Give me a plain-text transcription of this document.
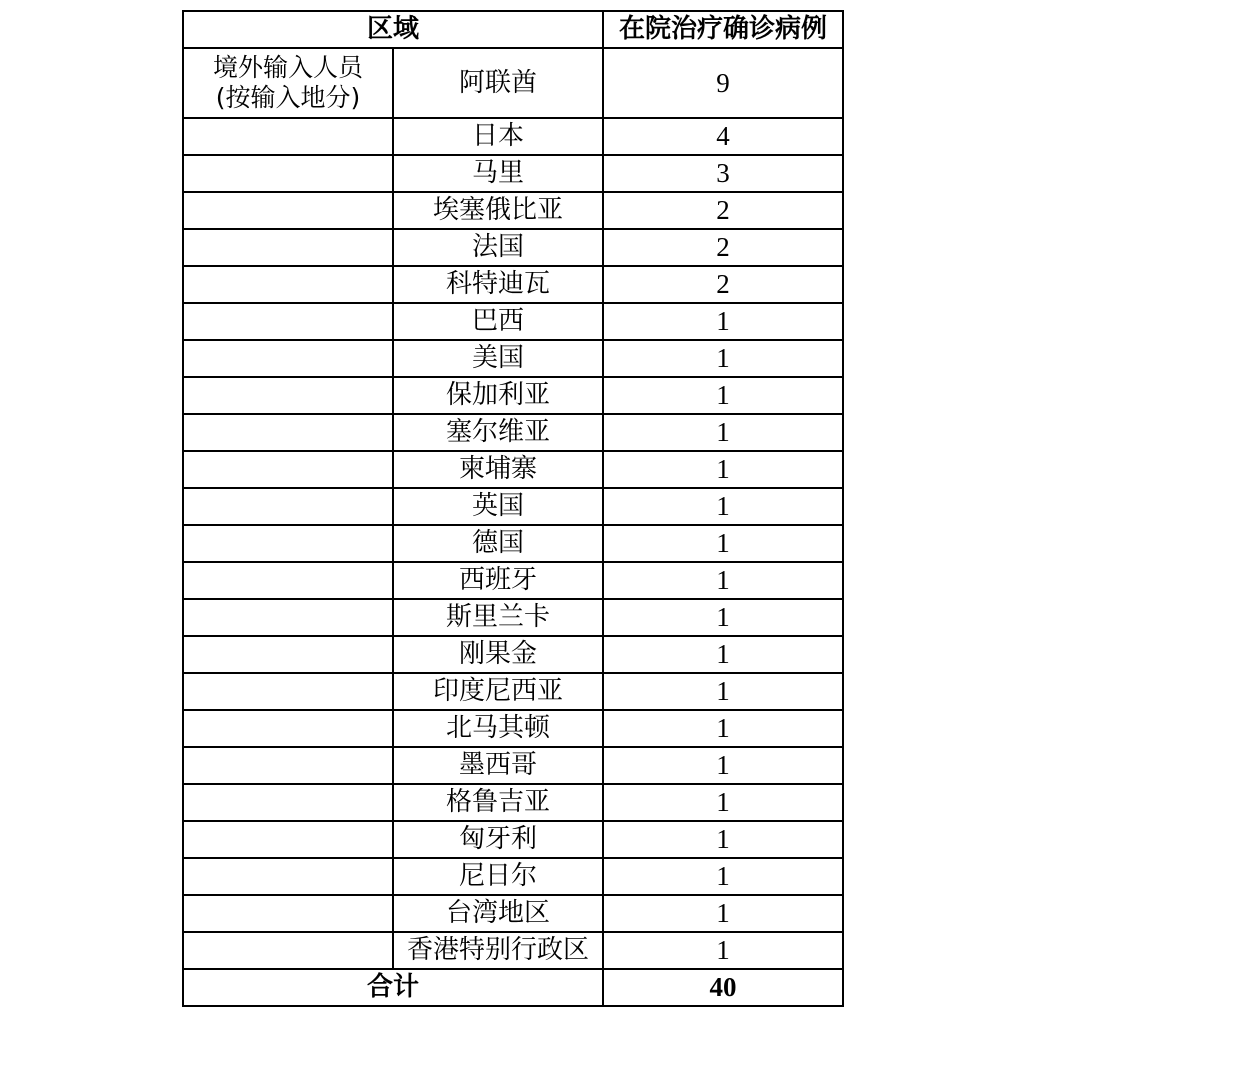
区域		在院治疗确诊病例

境外输入人员
(按输入地分)	阿联酋	9
	日本	4
	马里	3
	埃塞俄比亚	2
	法国	2
	科特迪瓦	2
	巴西	1
	美国	1
	保加利亚	1
	塞尔维亚	1
	柬埔寨	1
	英国	1
	德国	1
	西班牙	1
	斯里兰卡	1
	刚果金	1
	印度尼西亚	1
	北马其顿	1
	墨西哥	1
	格鲁吉亚	1
	匈牙利	1
	尼日尔	1
	台湾地区	1
	香港特别行政区	1
合计		40
